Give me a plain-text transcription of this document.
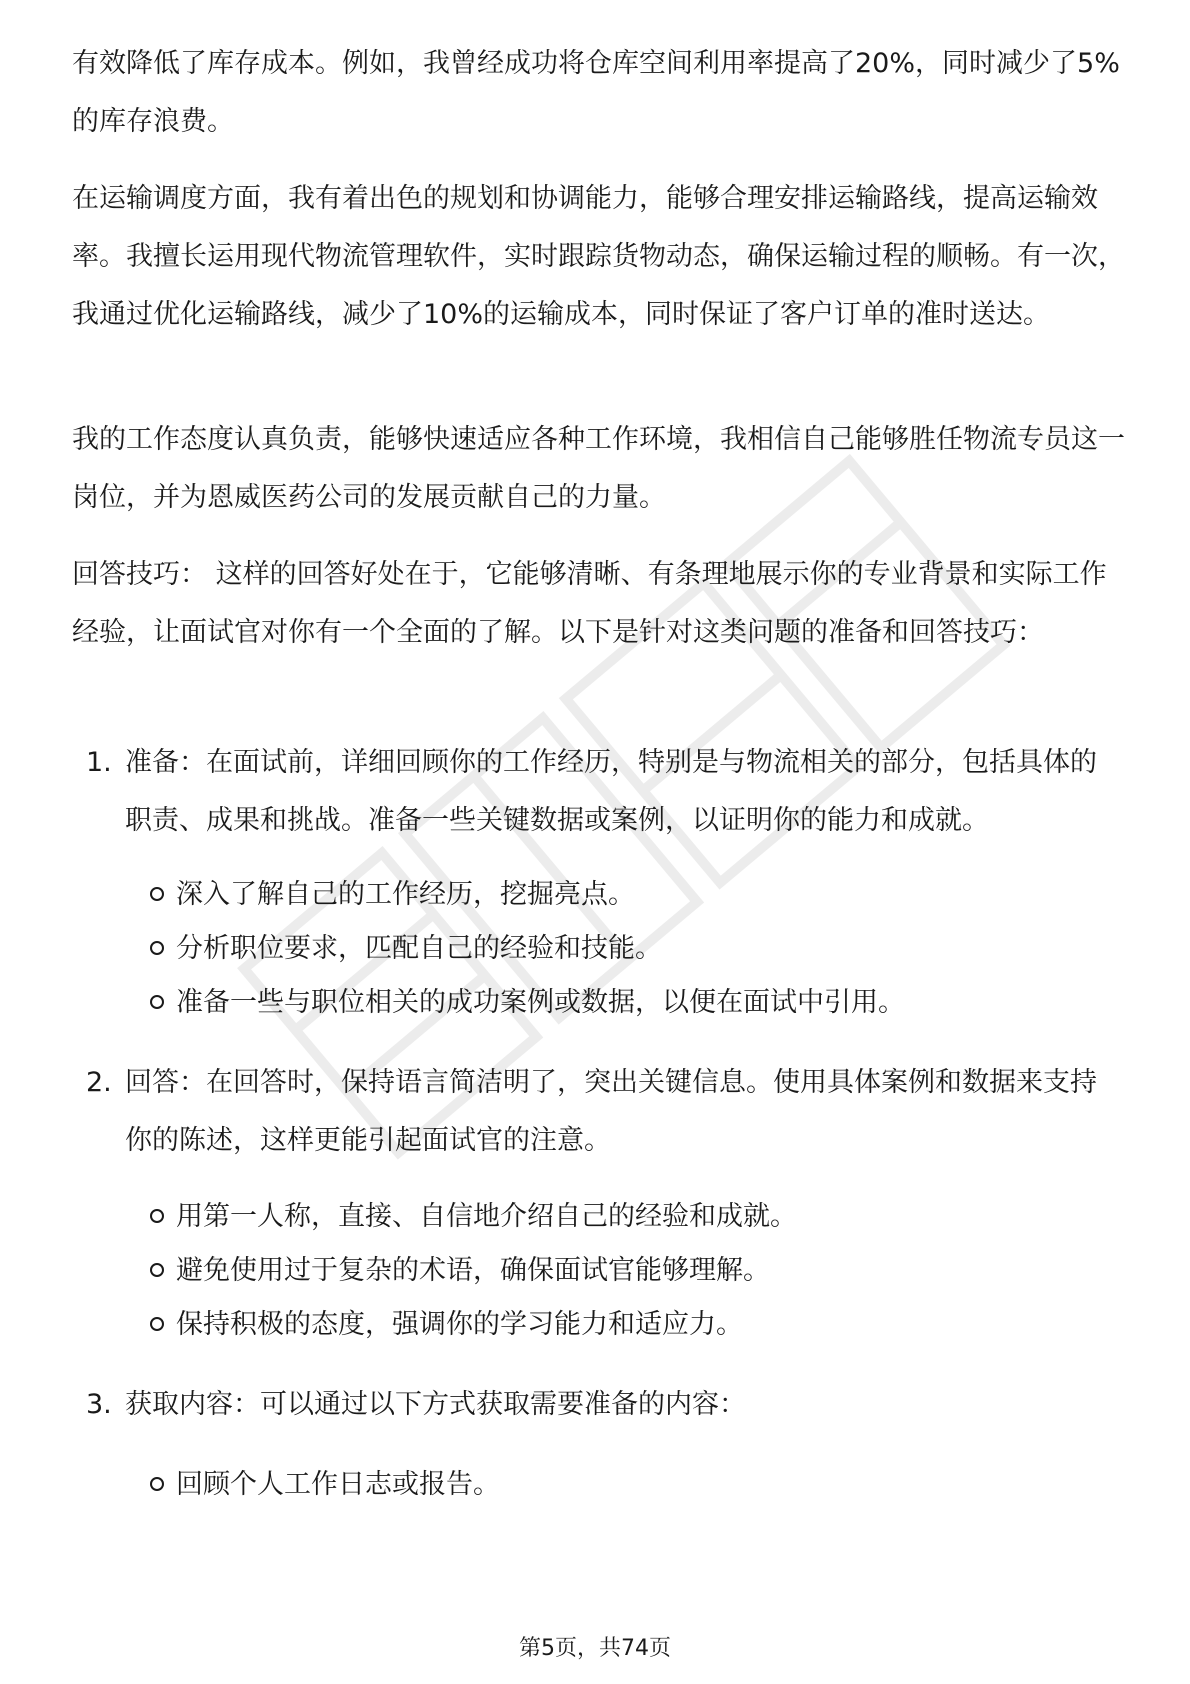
有效降低了库存成本。例如，我曾经成功将仓库空间利用率提高了20%，同时减少了5%的库存浪费。

在运输调度方面，我有着出色的规划和协调能力，能够合理安排运输路线，提高运输效率。我擅长运用现代物流管理软件，实时跟踪货物动态，确保运输过程的顺畅。有一次，我通过优化运输路线，减少了10%的运输成本，同时保证了客户订单的准时送达。

我的工作态度认真负责，能够快速适应各种工作环境，我相信自己能够胜任物流专员这一岗位，并为恩威医药公司的发展贡献自己的力量。

回答技巧： 这样的回答好处在于，它能够清晰、有条理地展示你的专业背景和实际工作经验，让面试官对你有一个全面的了解。以下是针对这类问题的准备和回答技巧：

1. 准备：在面试前，详细回顾你的工作经历，特别是与物流相关的部分，包括具体的职责、成果和挑战。准备一些关键数据或案例，以证明你的能力和成就。
深入了解自己的工作经历，挖掘亮点。
分析职位要求，匹配自己的经验和技能。
准备一些与职位相关的成功案例或数据，以便在面试中引用。
2. 回答：在回答时，保持语言简洁明了，突出关键信息。使用具体案例和数据来支持你的陈述，这样更能引起面试官的注意。
用第一人称，直接、自信地介绍自己的经验和成就。
避免使用过于复杂的术语，确保面试官能够理解。
保持积极的态度，强调你的学习能力和适应力。
3. 获取内容：可以通过以下方式获取需要准备的内容：
回顾个人工作日志或报告。
第5页，共74页
